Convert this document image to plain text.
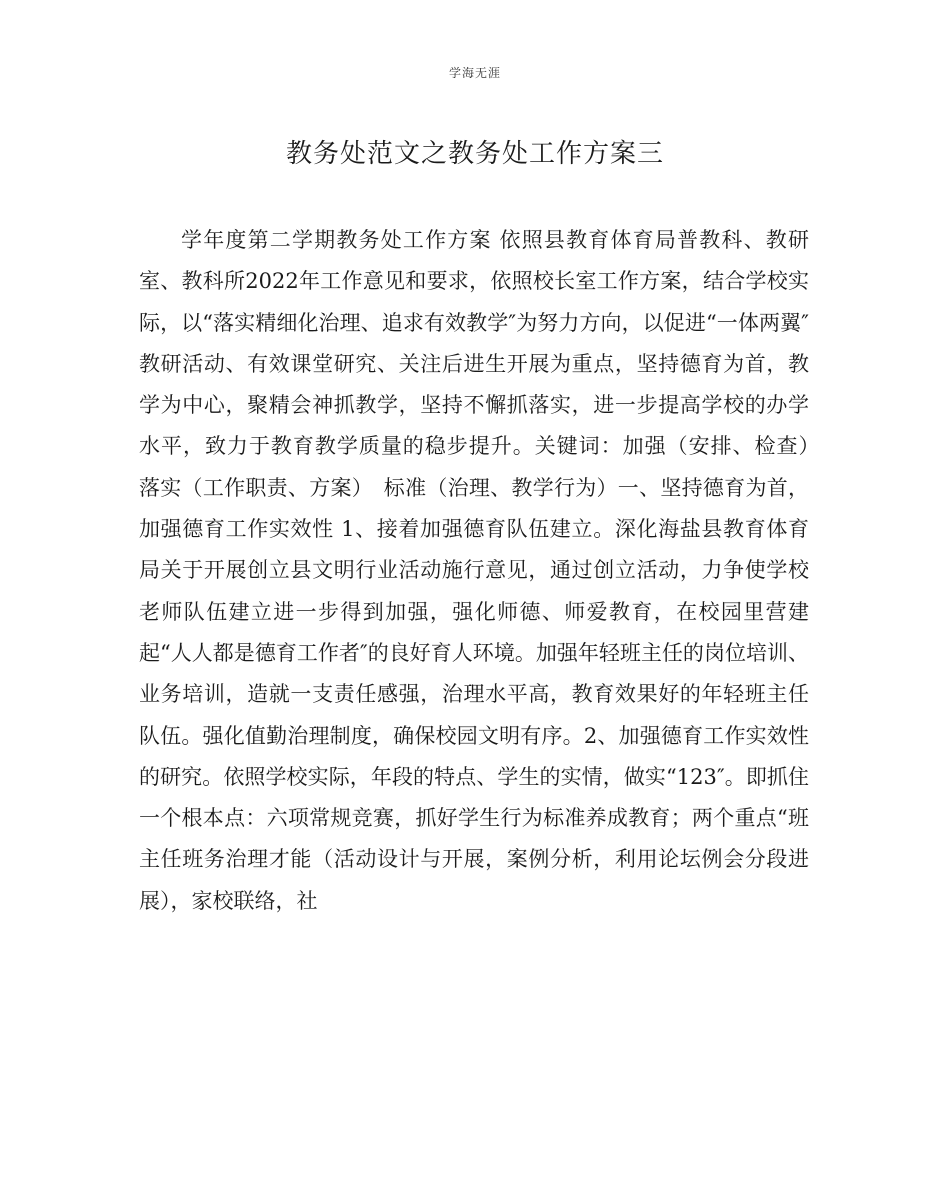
学海无涯
教务处范文之教务处工作方案三

学年度第二学期教务处工作方案 依照县教育体育局普教科、教研室、教科所2022年工作意见和要求，依照校长室工作方案，结合学校实际，以“落实精细化治理、追求有效教学″为努力方向，以促进“一体两翼″教研活动、有效课堂研究、关注后进生开展为重点，坚持德育为首，教学为中心，聚精会神抓教学，坚持不懈抓落实，进一步提高学校的办学水平，致力于教育教学质量的稳步提升。关键词：加强（安排、检查）　落实（工作职责、方案）　标准（治理、教学行为）一、坚持德育为首，加强德育工作实效性 1、接着加强德育队伍建立。深化海盐县教育体育局关于开展创立县文明行业活动施行意见，通过创立活动，力争使学校老师队伍建立进一步得到加强，强化师德、师爱教育，在校园里营建起“人人都是德育工作者″的良好育人环境。加强年轻班主任的岗位培训、业务培训，造就一支责任感强，治理水平高，教育效果好的年轻班主任队伍。强化值勤治理制度，确保校园文明有序。2、加强德育工作实效性的研究。依照学校实际，年段的特点、学生的实情，做实“123″。即抓住一个根本点：六项常规竞赛，抓好学生行为标准养成教育；两个重点“班主任班务治理才能（活动设计与开展，案例分析，利用论坛例会分段进展），家校联络，社
